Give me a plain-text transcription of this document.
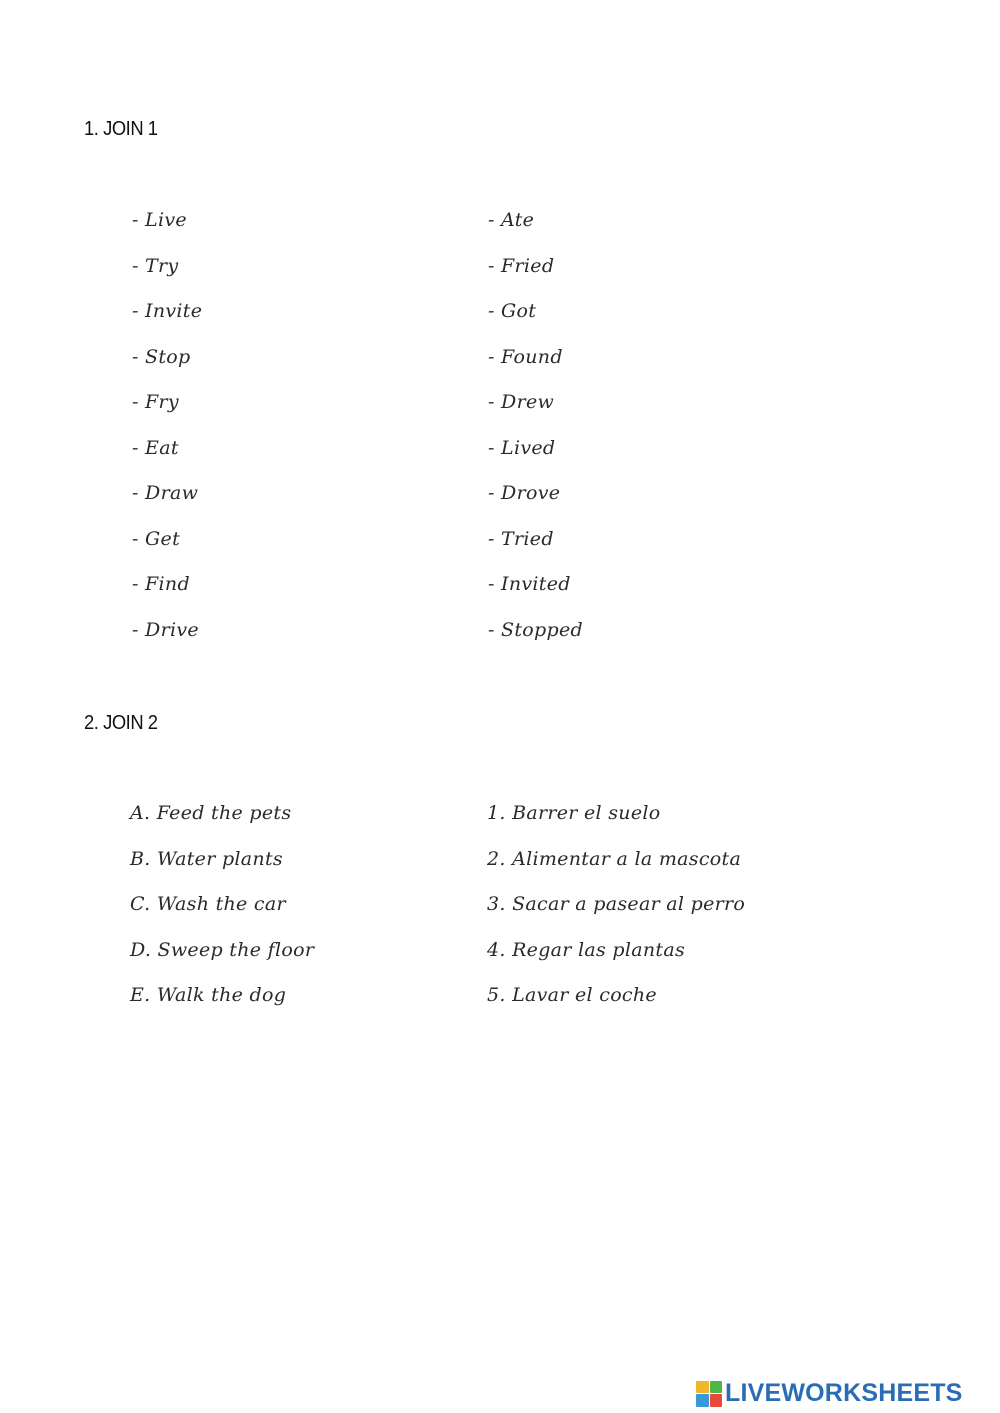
1. JOIN 1
- Live
- Try
- Invite
- Stop
- Fry
- Eat
- Draw
- Get
- Find
- Drive
- Ate
- Fried
- Got
- Found
- Drew
- Lived
- Drove
- Tried
- Invited
- Stopped
2. JOIN 2
A. Feed the pets
B. Water plants
C. Wash the car
D. Sweep the floor
E. Walk the dog
1. Barrer el suelo
2. Alimentar a la mascota
3. Sacar a pasear al perro
4. Regar las plantas
5. Lavar el coche
LIVEWORKSHEETS
